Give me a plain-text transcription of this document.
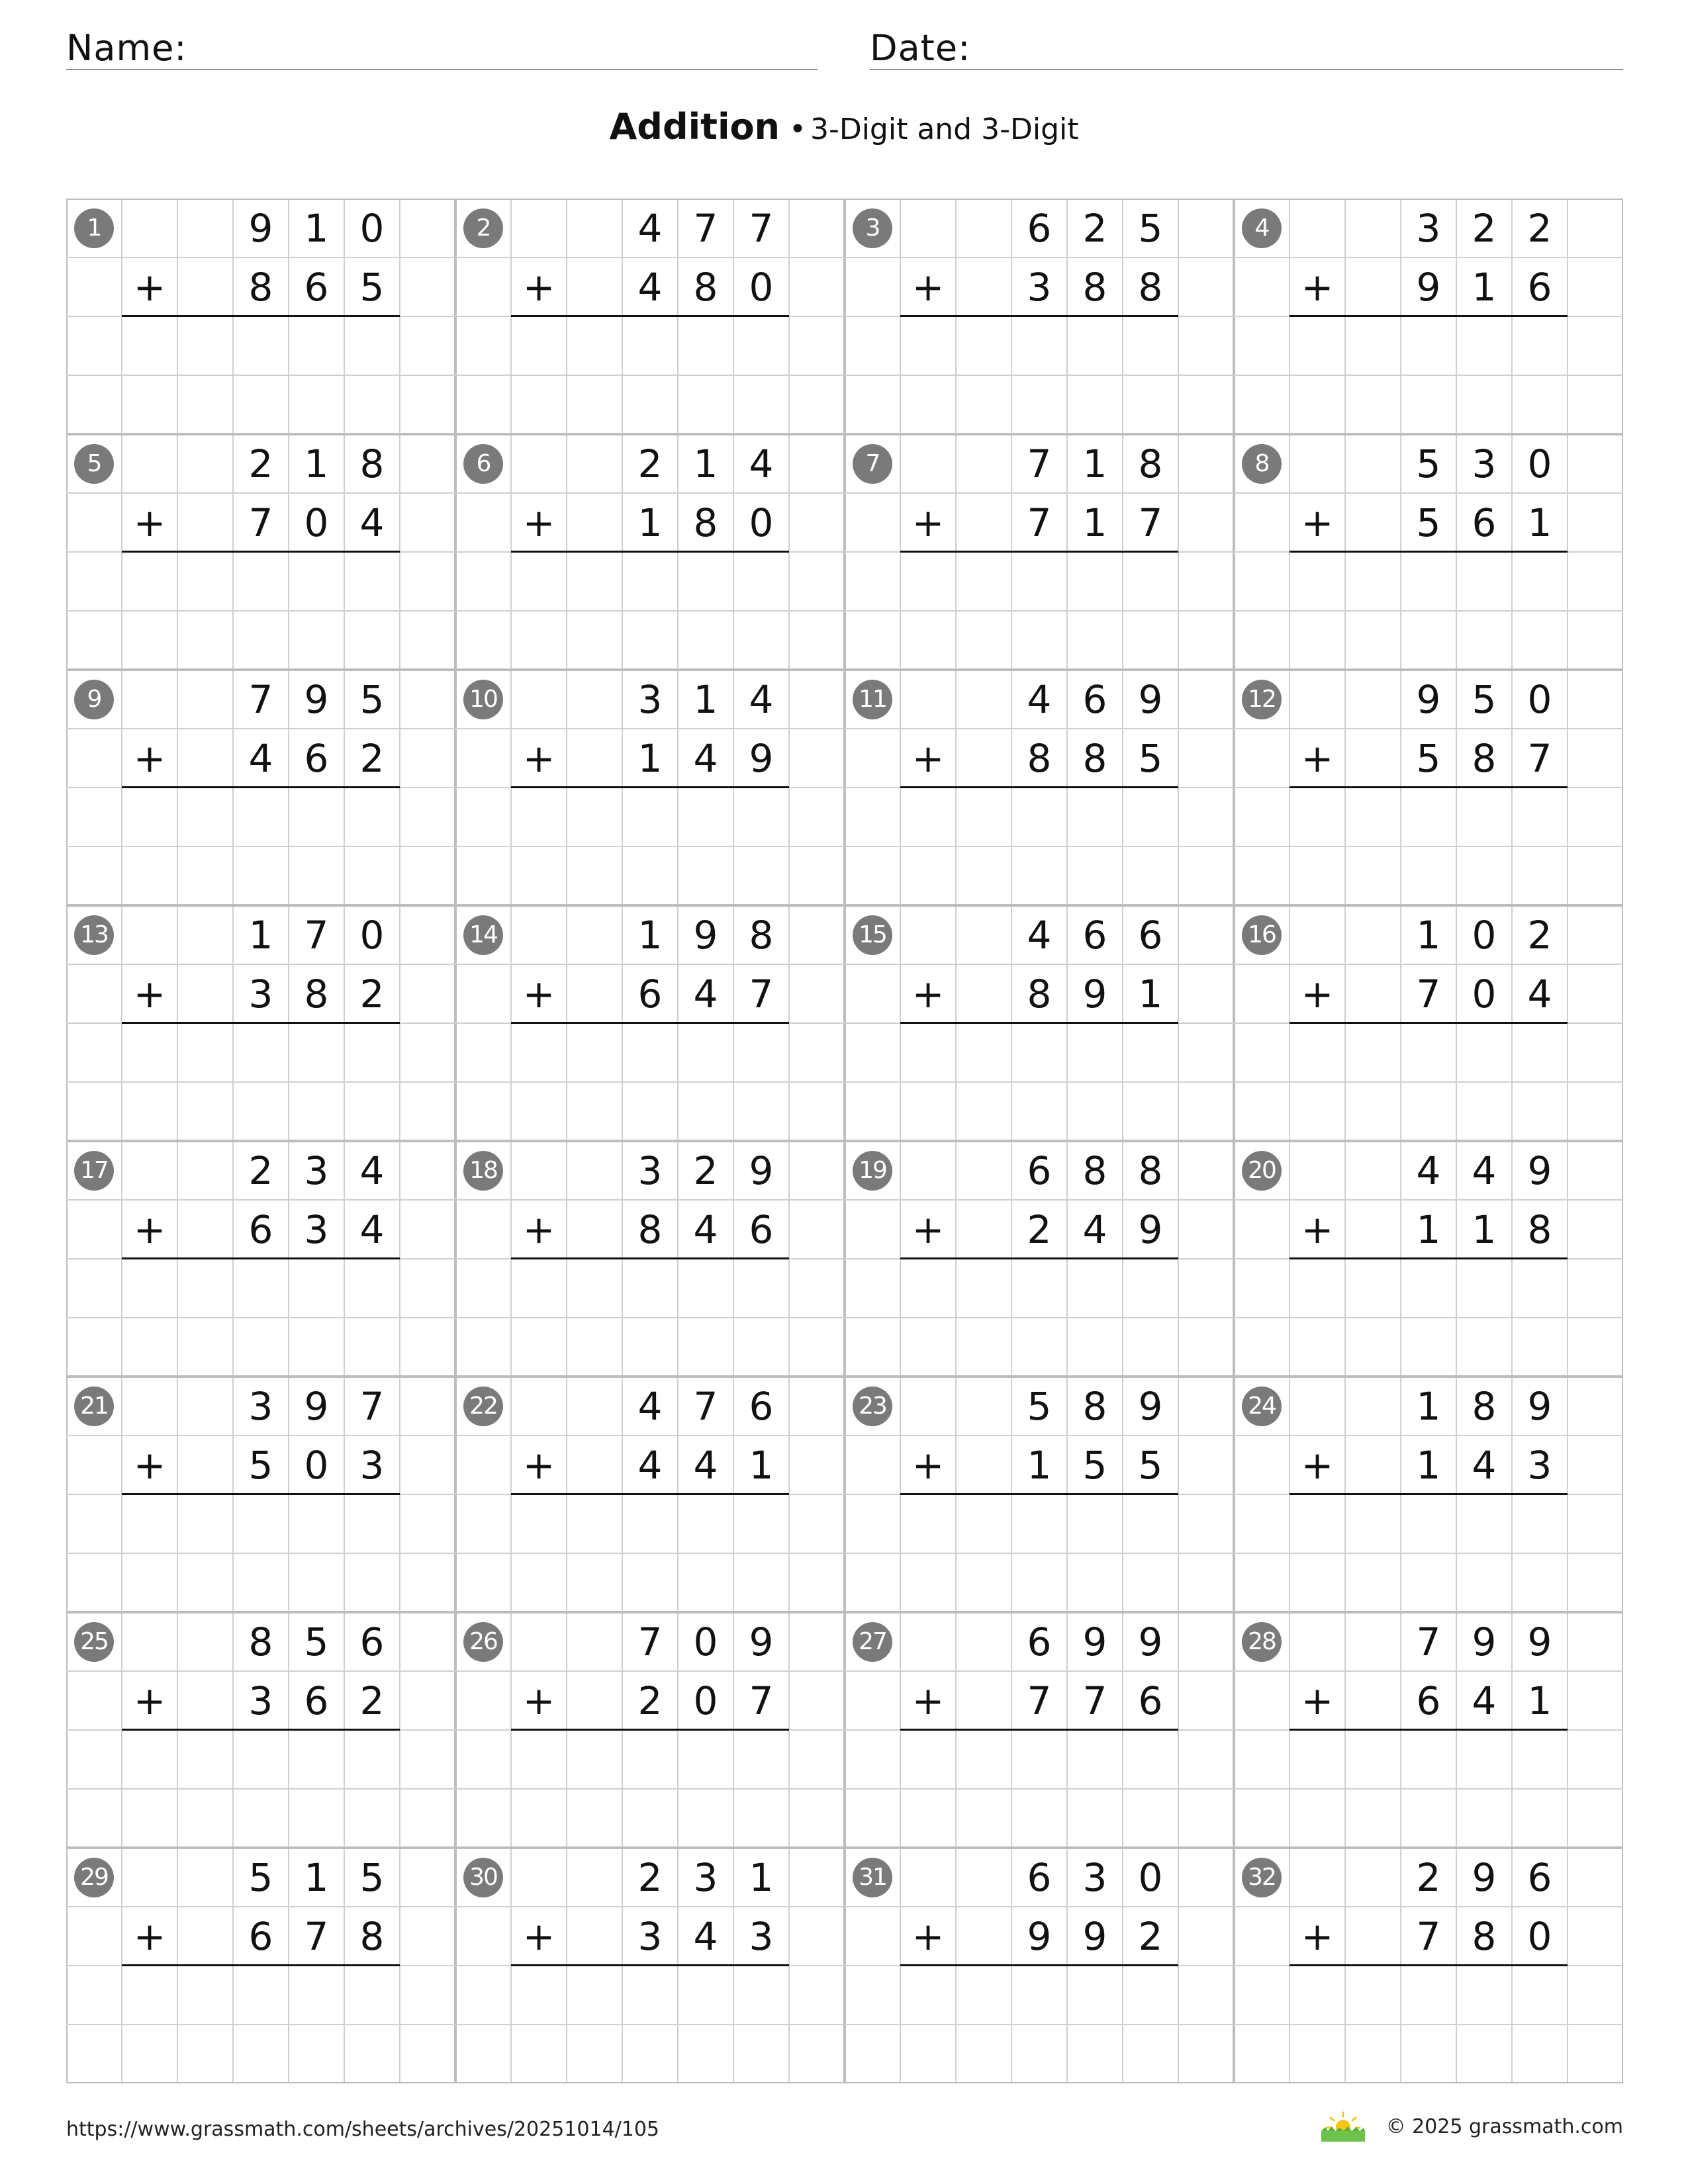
Name:	Date:
Addition • 3-Digit and 3-Digit
1	9 1 0
+	8 6 5
2	4 7 7
+	4 8 0
3	6 2 5
+	3 8 8
4	3 2 2
+	9 1 6
5	2 1 8
+	7 0 4
6	2 1 4
+	1 8 0
7	7 1 8
+	7 1 7
8	5 3 0
+	5 6 1
9	7 9 5
+	4 6 2
10	3 1 4
+	1 4 9
11	4 6 9
+	8 8 5
12	9 5 0
+	5 8 7
13	1 7 0
+	3 8 2
14	1 9 8
+	6 4 7
15	4 6 6
+	8 9 1
16	1 0 2
+	7 0 4
17	2 3 4
+	6 3 4
18	3 2 9
+	8 4 6
19	6 8 8
+	2 4 9
20	4 4 9
+	1 1 8
21	3 9 7
+	5 0 3
22	4 7 6
+	4 4 1
23	5 8 9
+	1 5 5
24	1 8 9
+	1 4 3
25	8 5 6
+	3 6 2
26	7 0 9
+	2 0 7
27	6 9 9
+	7 7 6
28	7 9 9
+	6 4 1
29	5 1 5
+	6 7 8
30	2 3 1
+	3 4 3
31	6 3 0
+	9 9 2
32	2 9 6
+	7 8 0
https://www.grassmath.com/sheets/archives/20251014/105	© 2025 grassmath.com
